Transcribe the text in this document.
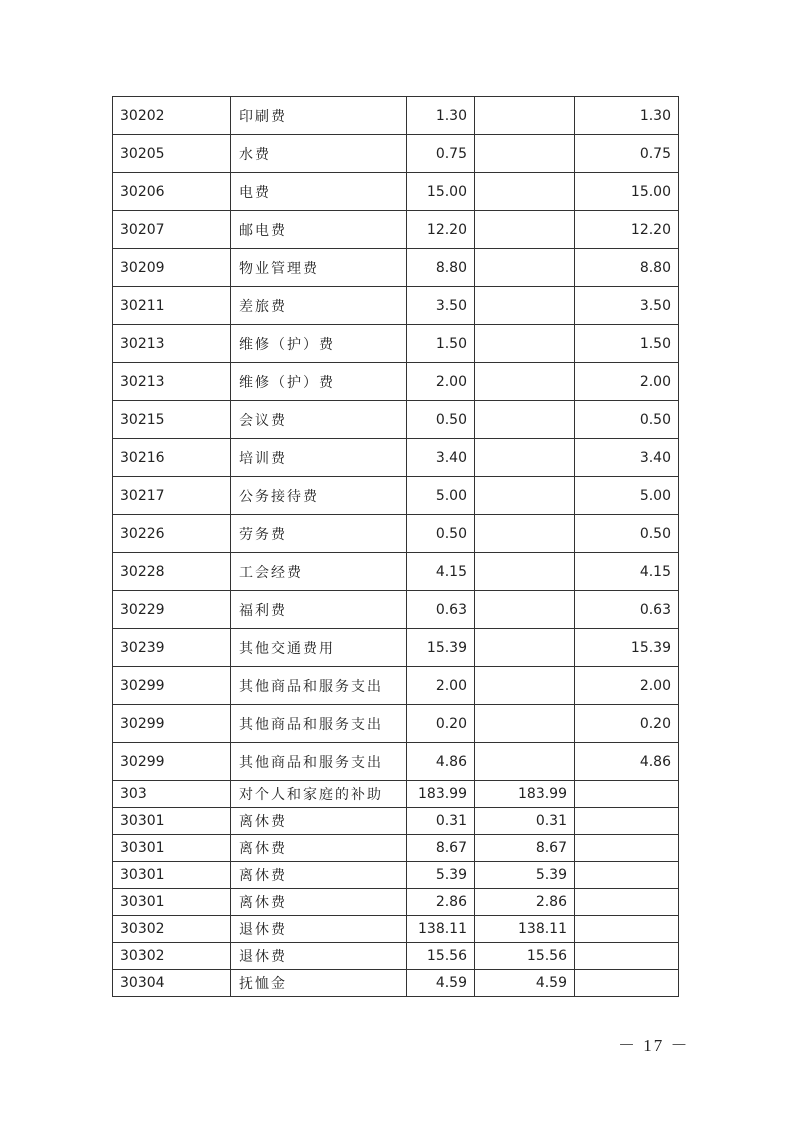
30202	印刷费	1.30		1.30
30205	水费	0.75		0.75
30206	电费	15.00		15.00
30207	邮电费	12.20		12.20
30209	物业管理费	8.80		8.80
30211	差旅费	3.50		3.50
30213	维修（护）费	1.50		1.50
30213	维修（护）费	2.00		2.00
30215	会议费	0.50		0.50
30216	培训费	3.40		3.40
30217	公务接待费	5.00		5.00
30226	劳务费	0.50		0.50
30228	工会经费	4.15		4.15
30229	福利费	0.63		0.63
30239	其他交通费用	15.39		15.39
30299	其他商品和服务支出	2.00		2.00
30299	其他商品和服务支出	0.20		0.20
30299	其他商品和服务支出	4.86		4.86
303	对个人和家庭的补助	183.99	183.99	
30301	离休费	0.31	0.31	
30301	离休费	8.67	8.67	
30301	离休费	5.39	5.39	
30301	离休费	2.86	2.86	
30302	退休费	138.11	138.11	
30302	退休费	15.56	15.56	
30304	抚恤金	4.59	4.59	
－ 17 －
